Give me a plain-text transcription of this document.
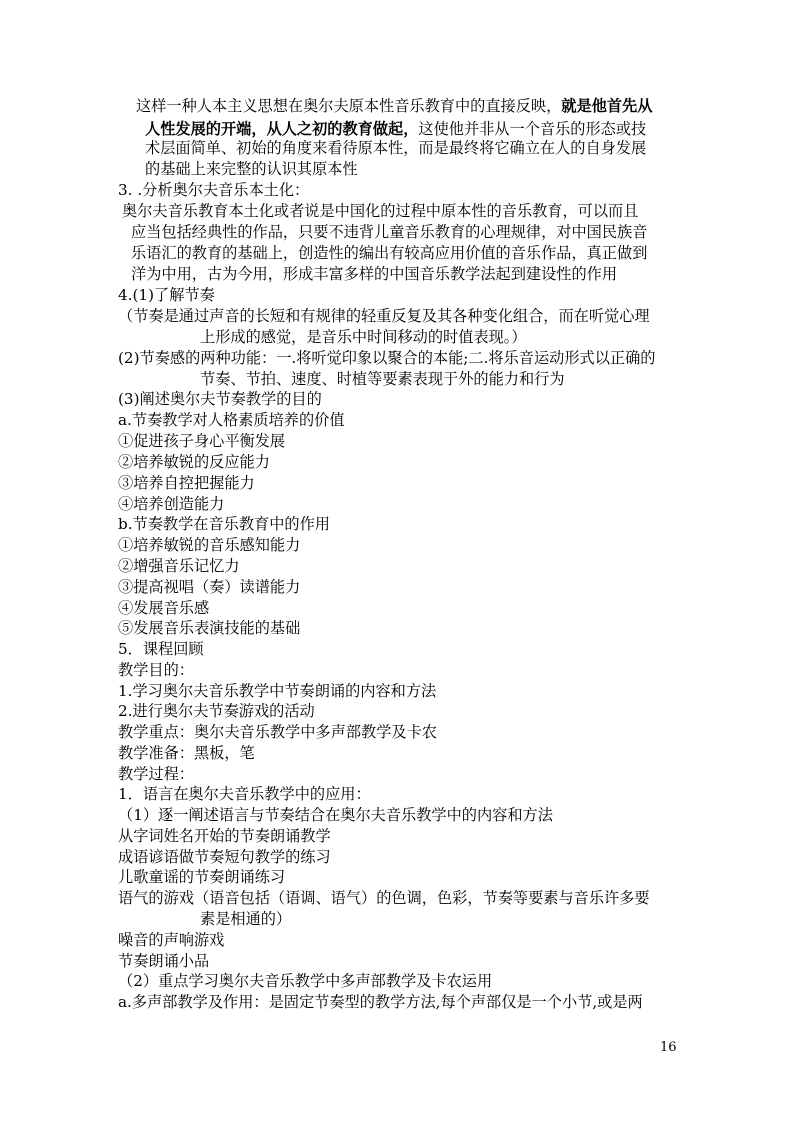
这样一种人本主义思想在奥尔夫原本性音乐教育中的直接反映，就是他首先从
人性发展的开端，从人之初的教育做起，这使他并非从一个音乐的形态或技
术层面简单、初始的角度来看待原本性，而是最终将它确立在人的自身发展
的基础上来完整的认识其原本性
3. .分析奥尔夫音乐本土化：
奥尔夫音乐教育本土化或者说是中国化的过程中原本性的音乐教育，可以而且
应当包括经典性的作品，只要不违背儿童音乐教育的心理规律，对中国民族音
乐语汇的教育的基础上，创造性的编出有较高应用价值的音乐作品，真正做到
洋为中用，古为今用，形成丰富多样的中国音乐教学法起到建设性的作用
4.(1)了解节奏
（节奏是通过声音的长短和有规律的轻重反复及其各种变化组合，而在听觉心理
上形成的感觉，是音乐中时间移动的时值表现。）
(2)节奏感的两种功能：一.将听觉印象以聚合的本能;二.将乐音运动形式以正确的
节奏、节拍、速度、时植等要素表现于外的能力和行为
(3)阐述奥尔夫节奏教学的目的
a.节奏教学对人格素质培养的价值
①促进孩子身心平衡发展
②培养敏锐的反应能力
③培养自控把握能力
④培养创造能力
b.节奏教学在音乐教育中的作用
①培养敏锐的音乐感知能力
②增强音乐记忆力
③提高视唱（奏）读谱能力
④发展音乐感
⑤发展音乐表演技能的基础
5．课程回顾
教学目的：
1.学习奥尔夫音乐教学中节奏朗诵的内容和方法
2.进行奥尔夫节奏游戏的活动
教学重点：奥尔夫音乐教学中多声部教学及卡农
教学准备：黑板，笔
教学过程：
1．语言在奥尔夫音乐教学中的应用：
（1）逐一阐述语言与节奏结合在奥尔夫音乐教学中的内容和方法
从字词姓名开始的节奏朗诵教学
成语谚语做节奏短句教学的练习
儿歌童谣的节奏朗诵练习
语气的游戏（语音包括（语调、语气）的色调，色彩，节奏等要素与音乐许多要
素是相通的）
噪音的声响游戏
节奏朗诵小品
（2）重点学习奥尔夫音乐教学中多声部教学及卡农运用
a.多声部教学及作用：是固定节奏型的教学方法,每个声部仅是一个小节,或是两
16
